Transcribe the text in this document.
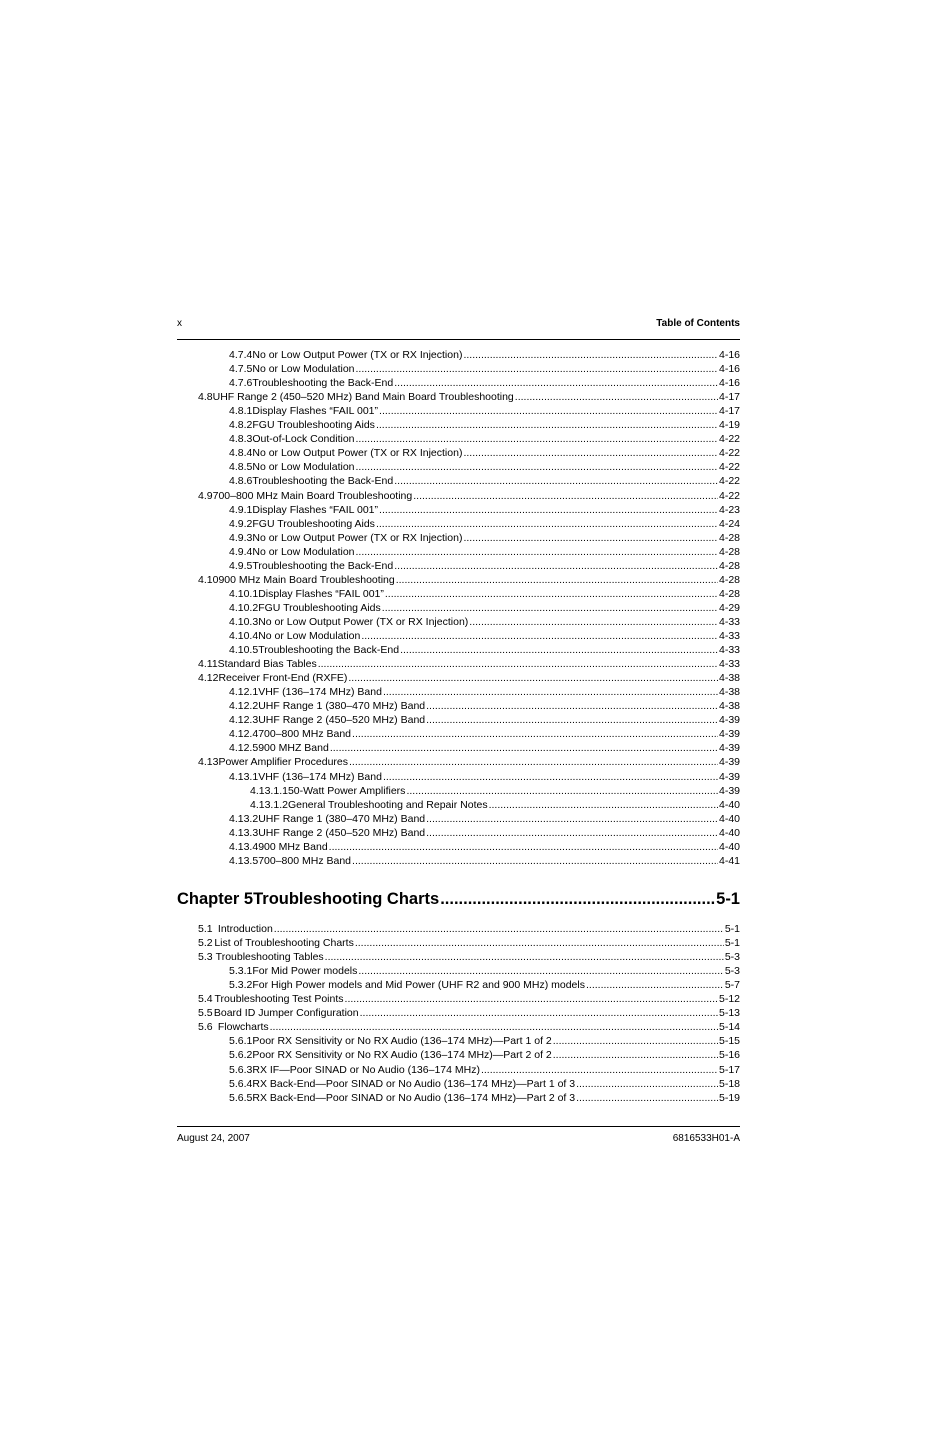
x	Table of Contents
4.7.4 No or Low Output Power (TX or RX Injection) .....	4-16
4.7.5 No or Low Modulation .....	4-16
4.7.6 Troubleshooting the Back-End .....	4-16
4.8 UHF Range 2 (450–520 MHz) Band Main Board Troubleshooting .....	4-17
4.8.1 Display Flashes “FAIL 001” .....	4-17
4.8.2 FGU Troubleshooting Aids .....	4-19
4.8.3 Out-of-Lock Condition .....	4-22
4.8.4 No or Low Output Power (TX or RX Injection) .....	4-22
4.8.5 No or Low Modulation .....	4-22
4.8.6 Troubleshooting the Back-End .....	4-22
4.9 700–800 MHz Main Board Troubleshooting .....	4-22
4.9.1 Display Flashes “FAIL 001” .....	4-23
4.9.2 FGU Troubleshooting Aids .....	4-24
4.9.3 No or Low Output Power (TX or RX Injection) .....	4-28
4.9.4 No or Low Modulation .....	4-28
4.9.5 Troubleshooting the Back-End .....	4-28
4.10 900 MHz Main Board Troubleshooting .....	4-28
4.10.1 Display Flashes “FAIL 001” .....	4-28
4.10.2 FGU Troubleshooting Aids .....	4-29
4.10.3 No or Low Output Power (TX or RX Injection) .....	4-33
4.10.4 No or Low Modulation .....	4-33
4.10.5 Troubleshooting the Back-End .....	4-33
4.11 Standard Bias Tables .....	4-33
4.12 Receiver Front-End (RXFE) .....	4-38
4.12.1 VHF (136–174 MHz) Band .....	4-38
4.12.2 UHF Range 1 (380–470 MHz) Band .....	4-38
4.12.3 UHF Range 2 (450–520 MHz) Band .....	4-39
4.12.4 700–800 MHz Band .....	4-39
4.12.5 900 MHZ Band .....	4-39
4.13 Power Amplifier Procedures .....	4-39
4.13.1 VHF (136–174 MHz) Band .....	4-39
4.13.1.1 50-Watt Power Amplifiers .....	4-39
4.13.1.2 General Troubleshooting and Repair Notes .....	4-40
4.13.2 UHF Range 1 (380–470 MHz) Band .....	4-40
4.13.3 UHF Range 2 (450–520 MHz) Band .....	4-40
4.13.4 900 MHz Band .....	4-40
4.13.5 700–800 MHz Band .....	4-41
Chapter 5 Troubleshooting Charts .....	5-1
5.1 Introduction .....	5-1
5.2 List of Troubleshooting Charts .....	5-1
5.3 Troubleshooting Tables .....	5-3
5.3.1 For Mid Power models .....	5-3
5.3.2 For High Power models and Mid Power (UHF R2 and 900 MHz) models .....	5-7
5.4 Troubleshooting Test Points .....	5-12
5.5 Board ID Jumper Configuration .....	5-13
5.6 Flowcharts .....	5-14
5.6.1 Poor RX Sensitivity or No RX Audio (136–174 MHz)—Part 1 of 2 .....	5-15
5.6.2 Poor RX Sensitivity or No RX Audio (136–174 MHz)—Part 2 of 2 .....	5-16
5.6.3 RX IF—Poor SINAD or No Audio (136–174 MHz) .....	5-17
5.6.4 RX Back-End—Poor SINAD or No Audio (136–174 MHz)—Part 1 of 3 .....	5-18
5.6.5 RX Back-End—Poor SINAD or No Audio (136–174 MHz)—Part 2 of 3 .....	5-19
August 24, 2007	6816533H01-A
